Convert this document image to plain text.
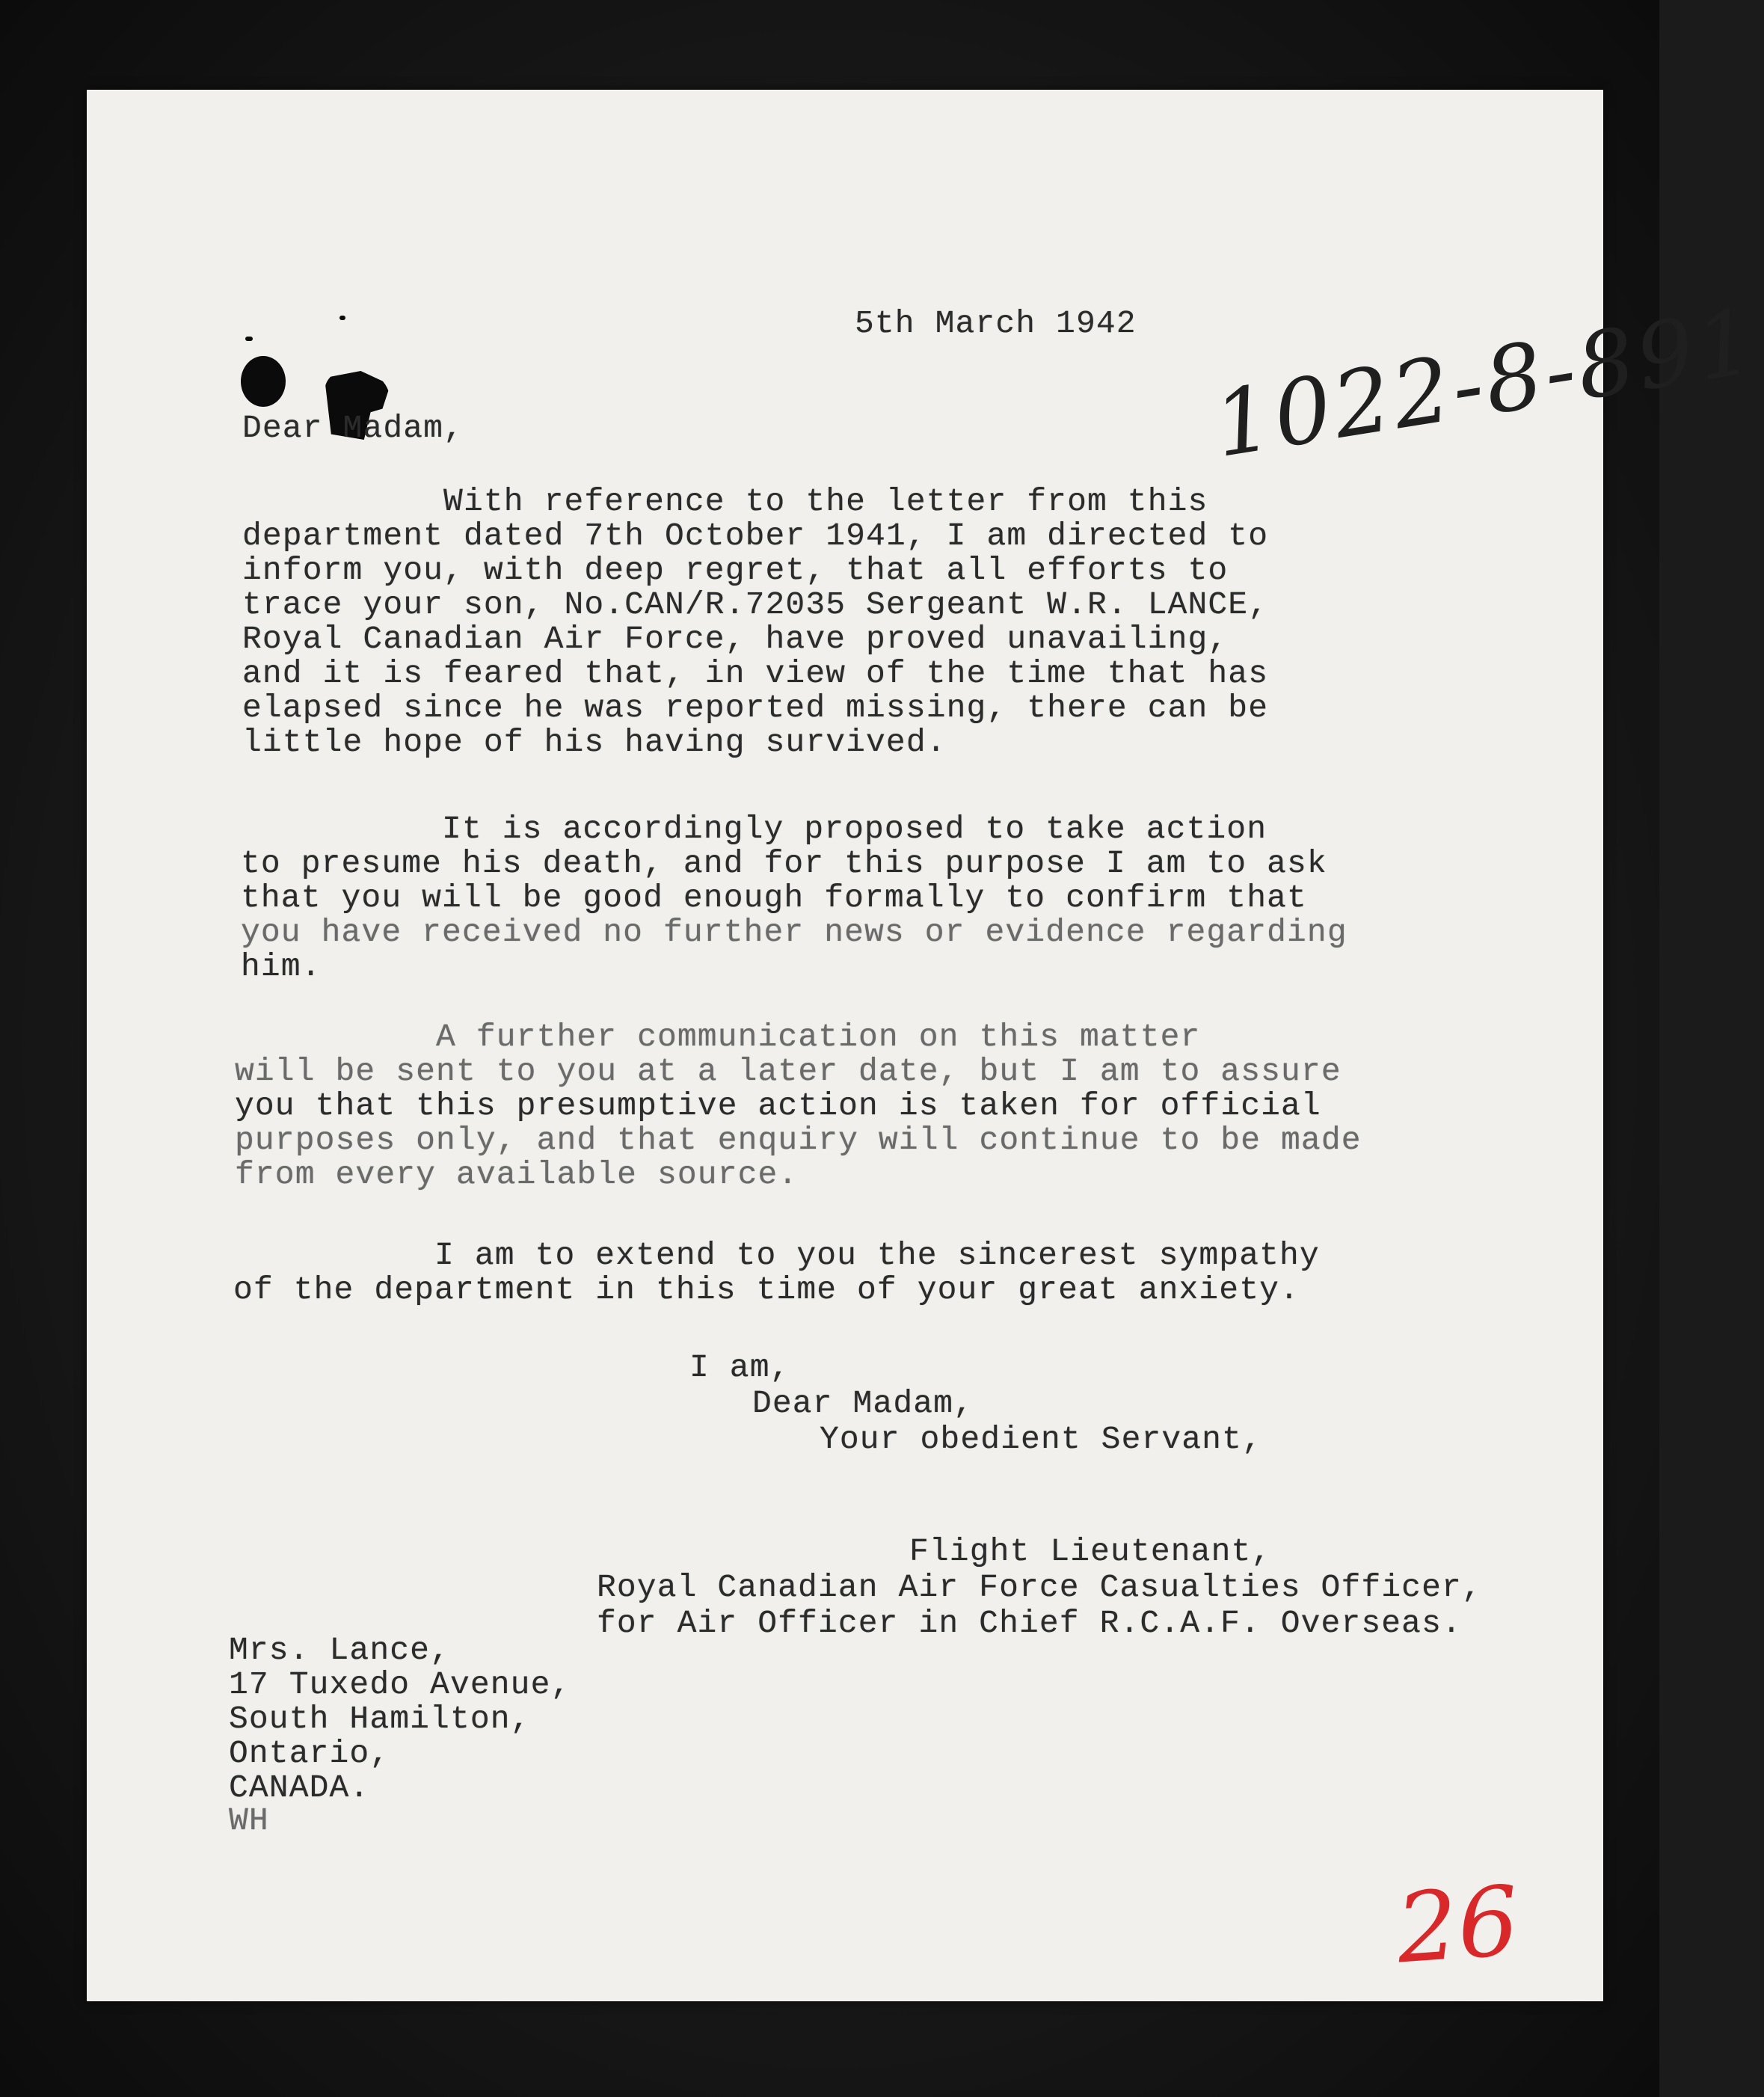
5th March 1942 1022-8-891
Dear Madam,
With reference to the letter from this
department dated 7th October 1941, I am directed to
inform you, with deep regret, that all efforts to
trace your son, No.CAN/R.72035 Sergeant W.R. LANCE,
Royal Canadian Air Force, have proved unavailing,
and it is feared that, in view of the time that has
elapsed since he was reported missing, there can be
little hope of his having survived.
It is accordingly proposed to take action
to presume his death, and for this purpose I am to ask
that you will be good enough formally to confirm that
you have received no further news or evidence regarding
him.
A further communication on this matter
will be sent to you at a later date, but I am to assure
you that this presumptive action is taken for official
purposes only, and that enquiry will continue to be made
from every available source.
I am to extend to you the sincerest sympathy
of the department in this time of your great anxiety.
I am,
Dear Madam,
Your obedient Servant,
Flight Lieutenant,
Royal Canadian Air Force Casualties Officer,
for Air Officer in Chief R.C.A.F. Overseas.
Mrs. Lance,
17 Tuxedo Avenue,
South Hamilton,
Ontario,
CANADA.
WH
26
